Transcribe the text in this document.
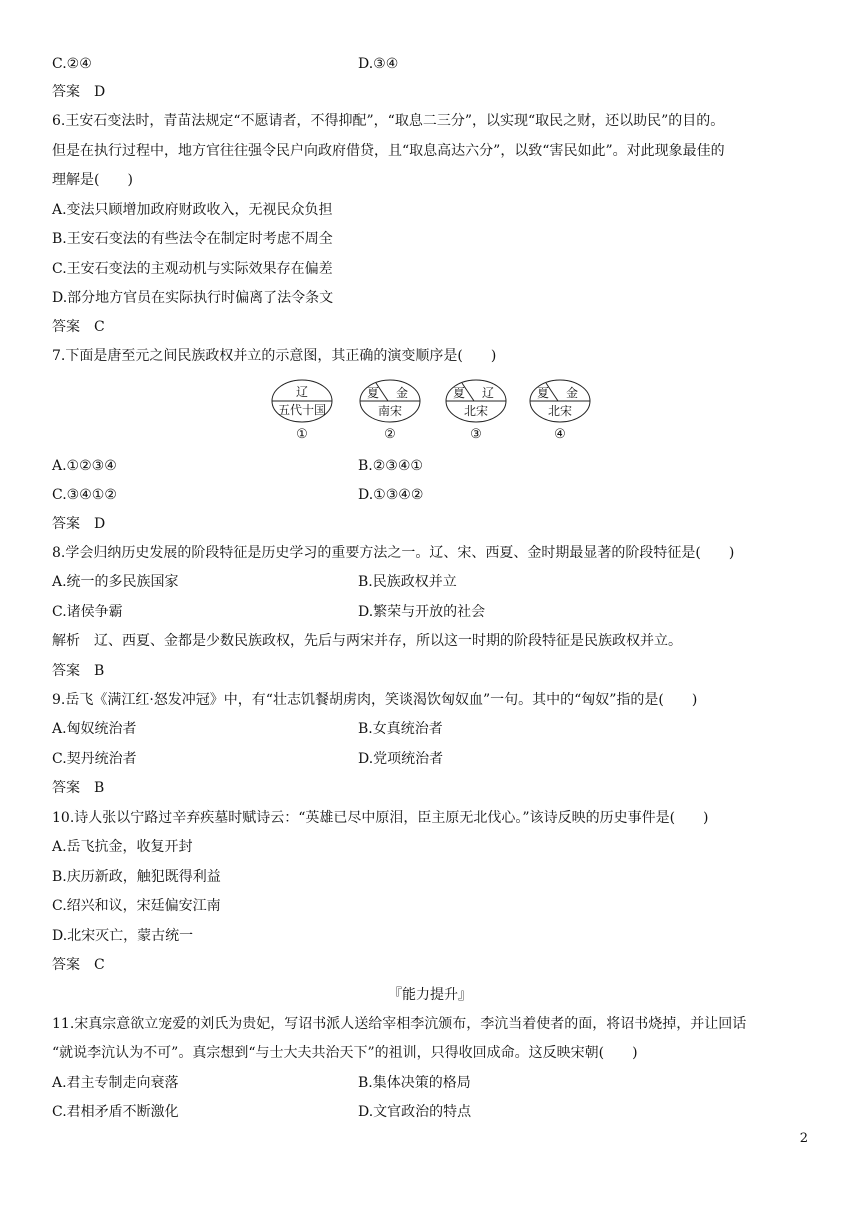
C.②④	D.③④
答案　D
6.王安石变法时，青苗法规定“不愿请者，不得抑配”，“取息二三分”，以实现“取民之财，还以助民”的目的。
但是在执行过程中，地方官往往强令民户向政府借贷，且“取息高达六分”，以致“害民如此”。对此现象最佳的
理解是(　　)
A.变法只顾增加政府财政收入，无视民众负担
B.王安石变法的有些法令在制定时考虑不周全
C.王安石变法的主观动机与实际效果存在偏差
D.部分地方官员在实际执行时偏离了法令条文
答案　C
7.下面是唐至元之间民族政权并立的示意图，其正确的演变顺序是(　　)
辽
五代十国
①
夏 金
南宋
②
夏 辽
北宋
③
夏 金
北宋
④
A.①②③④	B.②③④①
C.③④①②	D.①③④②
答案　D
8.学会归纳历史发展的阶段特征是历史学习的重要方法之一。辽、宋、西夏、金时期最显著的阶段特征是(　　)
A.统一的多民族国家	B.民族政权并立
C.诸侯争霸	D.繁荣与开放的社会
解析　辽、西夏、金都是少数民族政权，先后与两宋并存，所以这一时期的阶段特征是民族政权并立。
答案　B
9.岳飞《满江红·怒发冲冠》中，有“壮志饥餐胡虏肉，笑谈渴饮匈奴血”一句。其中的“匈奴”指的是(　　)
A.匈奴统治者	B.女真统治者
C.契丹统治者	D.党项统治者
答案　B
10.诗人张以宁路过辛弃疾墓时赋诗云：“英雄已尽中原泪，臣主原无北伐心。”该诗反映的历史事件是(　　)
A.岳飞抗金，收复开封
B.庆历新政，触犯既得利益
C.绍兴和议，宋廷偏安江南
D.北宋灭亡，蒙古统一
答案　C
『能力提升』
11.宋真宗意欲立宠爱的刘氏为贵妃，写诏书派人送给宰相李沆颁布，李沆当着使者的面，将诏书烧掉，并让回话
“就说李沆认为不可”。真宗想到“与士大夫共治天下”的祖训，只得收回成命。这反映宋朝(　　)
A.君主专制走向衰落	B.集体决策的格局
C.君相矛盾不断激化	D.文官政治的特点
2
